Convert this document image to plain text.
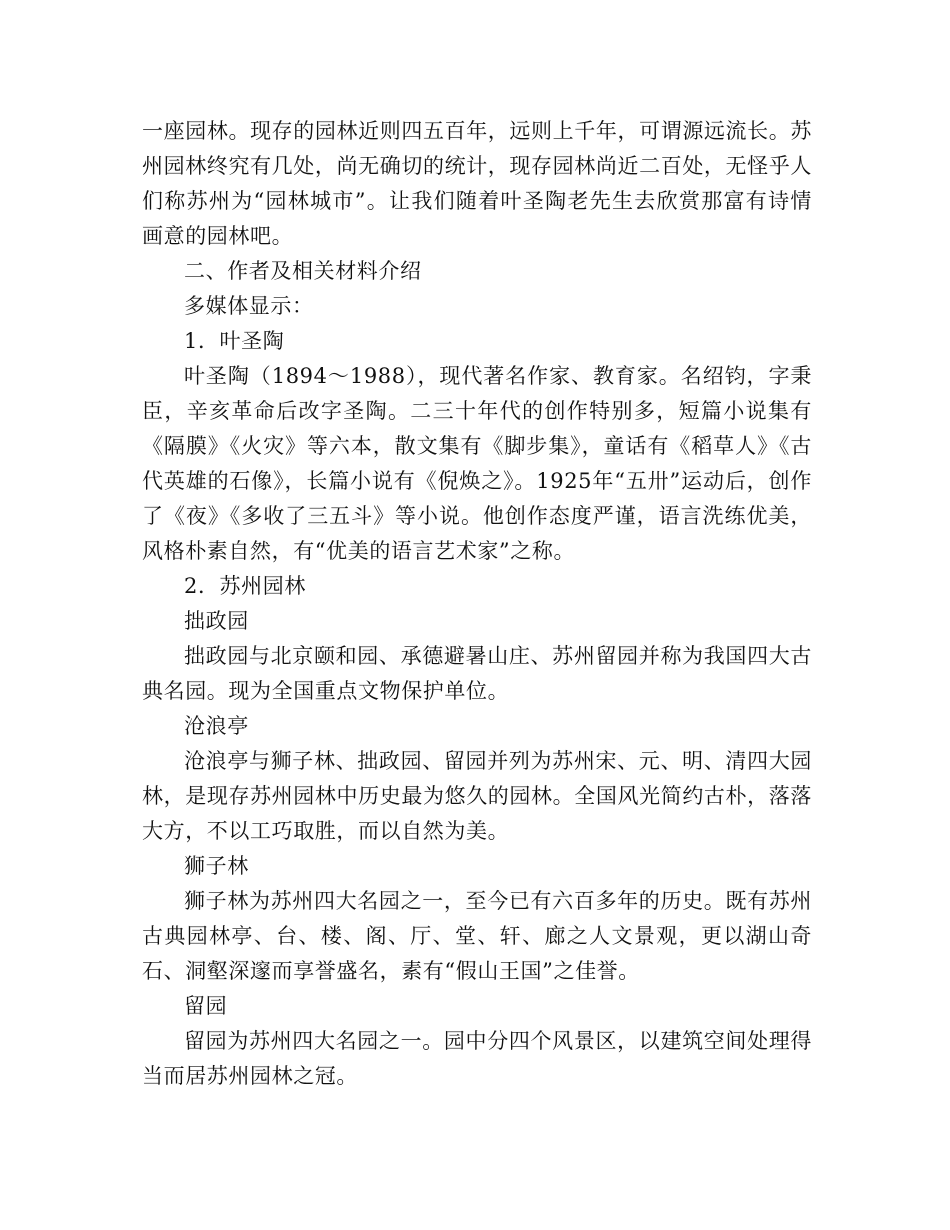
一座园林。现存的园林近则四五百年，远则上千年，可谓源远流长。苏州园林终究有几处，尚无确切的统计，现存园林尚近二百处，无怪乎人们称苏州为“园林城市”。让我们随着叶圣陶老先生去欣赏那富有诗情画意的园林吧。

二、作者及相关材料介绍

多媒体显示：

1．叶圣陶

叶圣陶（1894～1988），现代著名作家、教育家。名绍钧，字秉臣，辛亥革命后改字圣陶。二三十年代的创作特别多，短篇小说集有《隔膜》《火灾》等六本，散文集有《脚步集》，童话有《稻草人》《古代英雄的石像》，长篇小说有《倪焕之》。1925年“五卅”运动后，创作了《夜》《多收了三五斗》等小说。他创作态度严谨，语言洗练优美，风格朴素自然，有“优美的语言艺术家”之称。

2．苏州园林

拙政园

拙政园与北京颐和园、承德避暑山庄、苏州留园并称为我国四大古典名园。现为全国重点文物保护单位。

沧浪亭

沧浪亭与狮子林、拙政园、留园并列为苏州宋、元、明、清四大园林，是现存苏州园林中历史最为悠久的园林。全国风光简约古朴，落落大方，不以工巧取胜，而以自然为美。

狮子林

狮子林为苏州四大名园之一，至今已有六百多年的历史。既有苏州古典园林亭、台、楼、阁、厅、堂、轩、廊之人文景观，更以湖山奇石、洞壑深邃而享誉盛名，素有“假山王国”之佳誉。

留园

留园为苏州四大名园之一。园中分四个风景区，以建筑空间处理得当而居苏州园林之冠。
